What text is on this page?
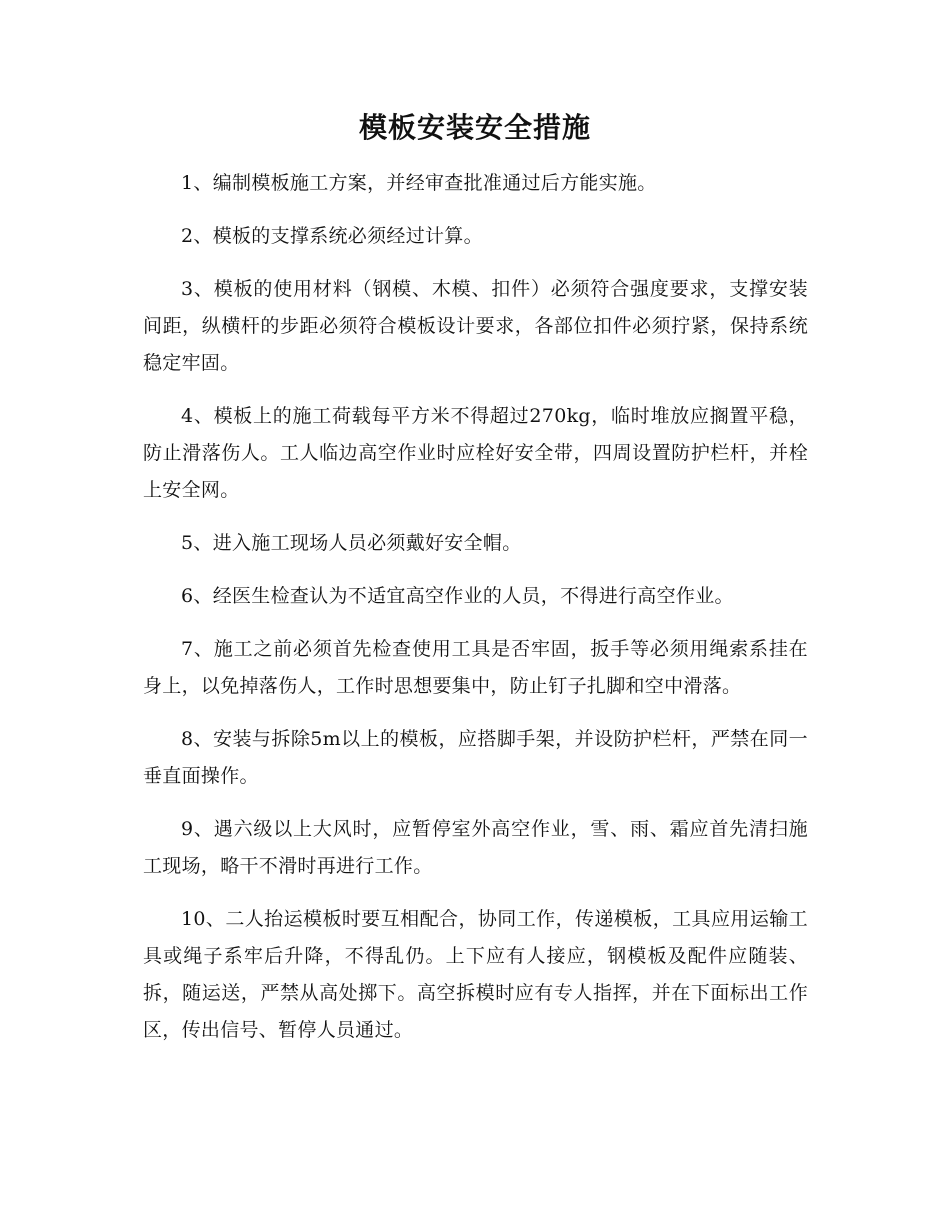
模板安装安全措施

1、编制模板施工方案，并经审查批准通过后方能实施。

2、模板的支撑系统必须经过计算。

3、模板的使用材料（钢模、木模、扣件）必须符合强度要求，支撑安装间距，纵横杆的步距必须符合模板设计要求，各部位扣件必须拧紧，保持系统稳定牢固。

4、模板上的施工荷载每平方米不得超过270kg，临时堆放应搁置平稳，防止滑落伤人。工人临边高空作业时应栓好安全带，四周设置防护栏杆，并栓上安全网。

5、进入施工现场人员必须戴好安全帽。

6、经医生检查认为不适宜高空作业的人员，不得进行高空作业。

7、施工之前必须首先检查使用工具是否牢固，扳手等必须用绳索系挂在身上，以免掉落伤人，工作时思想要集中，防止钉子扎脚和空中滑落。

8、安装与拆除5m以上的模板，应搭脚手架，并设防护栏杆，严禁在同一垂直面操作。

9、遇六级以上大风时，应暂停室外高空作业，雪、雨、霜应首先清扫施工现场，略干不滑时再进行工作。

10、二人抬运模板时要互相配合，协同工作，传递模板，工具应用运输工具或绳子系牢后升降，不得乱仍。上下应有人接应，钢模板及配件应随装、拆，随运送，严禁从高处掷下。高空拆模时应有专人指挥，并在下面标出工作区，传出信号、暂停人员通过。
